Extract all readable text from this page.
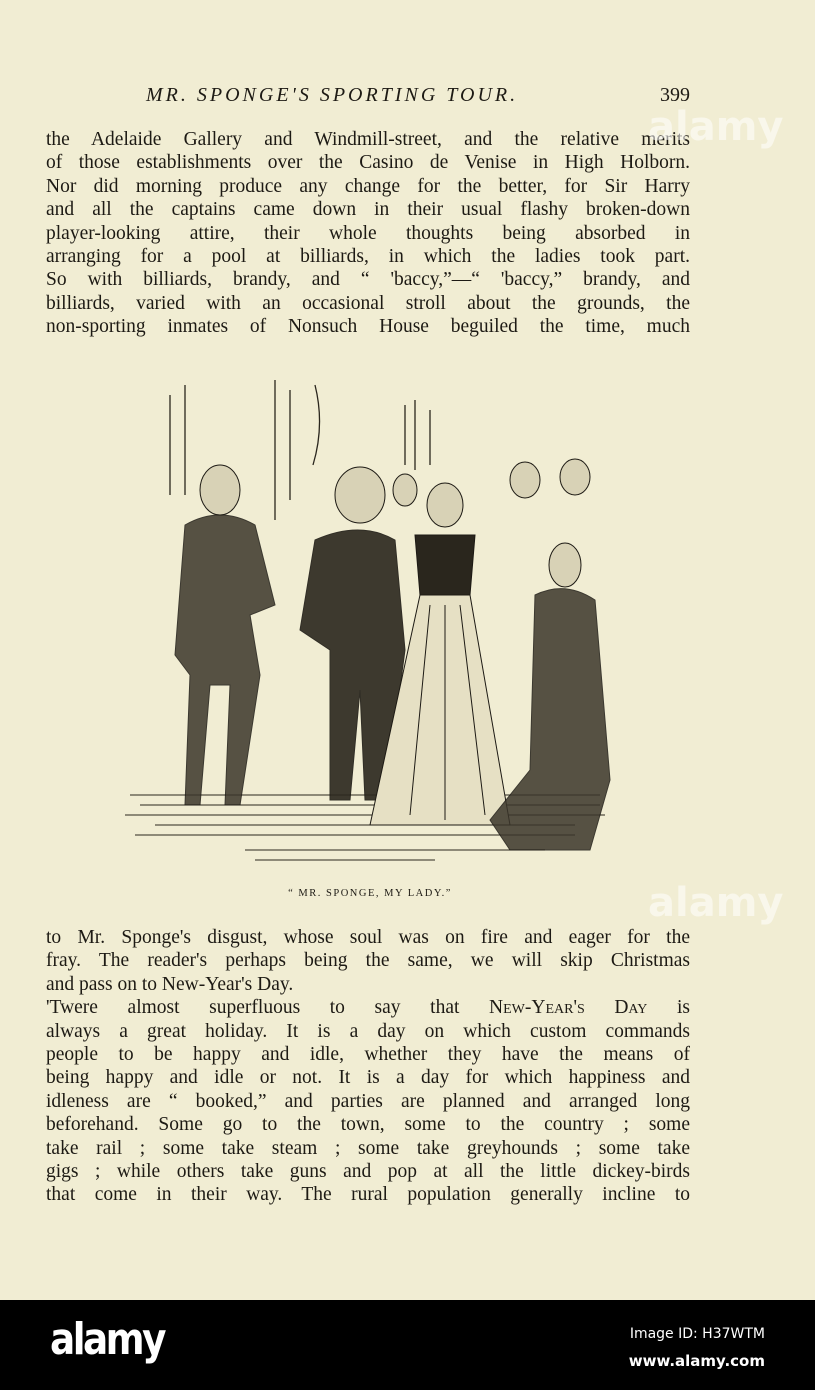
MR. SPONGE'S SPORTING TOUR.	399
the Adelaide Gallery and Windmill-street, and the relative merits
of those establishments over the Casino de Venise in High Holborn.
Nor did morning produce any change for the better, for Sir Harry
and all the captains came down in their usual flashy broken-down
player-looking attire, their whole thoughts being absorbed in
arranging for a pool at billiards, in which the ladies took part.
So with billiards, brandy, and “ 'baccy,”—“ 'baccy,” brandy, and
billiards, varied with an occasional stroll about the grounds, the
non-sporting inmates of Nonsuch House beguiled the time, much
“ MR. SPONGE, MY LADY.”
to Mr. Sponge's disgust, whose soul was on fire and eager for the
fray. The reader's perhaps being the same, we will skip Christmas
and pass on to New-Year's Day.
'Twere almost superfluous to say that New-Year's Day is
always a great holiday. It is a day on which custom commands
people to be happy and idle, whether they have the means of
being happy and idle or not. It is a day for which happiness and
idleness are “ booked,” and parties are planned and arranged long
beforehand. Some go to the town, some to the country ; some
take rail ; some take steam ; some take greyhounds ; some take
gigs ; while others take guns and pop at all the little dickey-birds
that come in their way. The rural population generally incline to
alamy
alamy
alamy	Image ID: H37WTM
www.alamy.com
